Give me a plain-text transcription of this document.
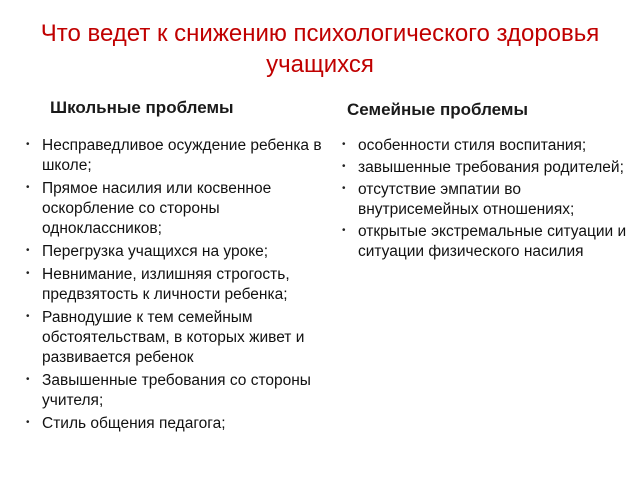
Что ведет к снижению психологического здоровья учащихся
Школьные проблемы	Семейные проблемы
• Несправедливое осуждение ребенка в школе;
• Прямое насилия или косвенное оскорбление со стороны одноклассников;
• Перегрузка учащихся на уроке;
• Невнимание, излишняя строгость, предвзятость к личности ребенка;
• Равнодушие к тем семейным обстоятельствам, в которых живет и развивается ребенок
• Завышенные требования со стороны учителя;
• Стиль общения педагога;
• особенности стиля воспитания;
• завышенные требования родителей;
• отсутствие эмпатии во внутрисемейных отношениях;
• открытые экстремальные ситуации и ситуации физического насилия
